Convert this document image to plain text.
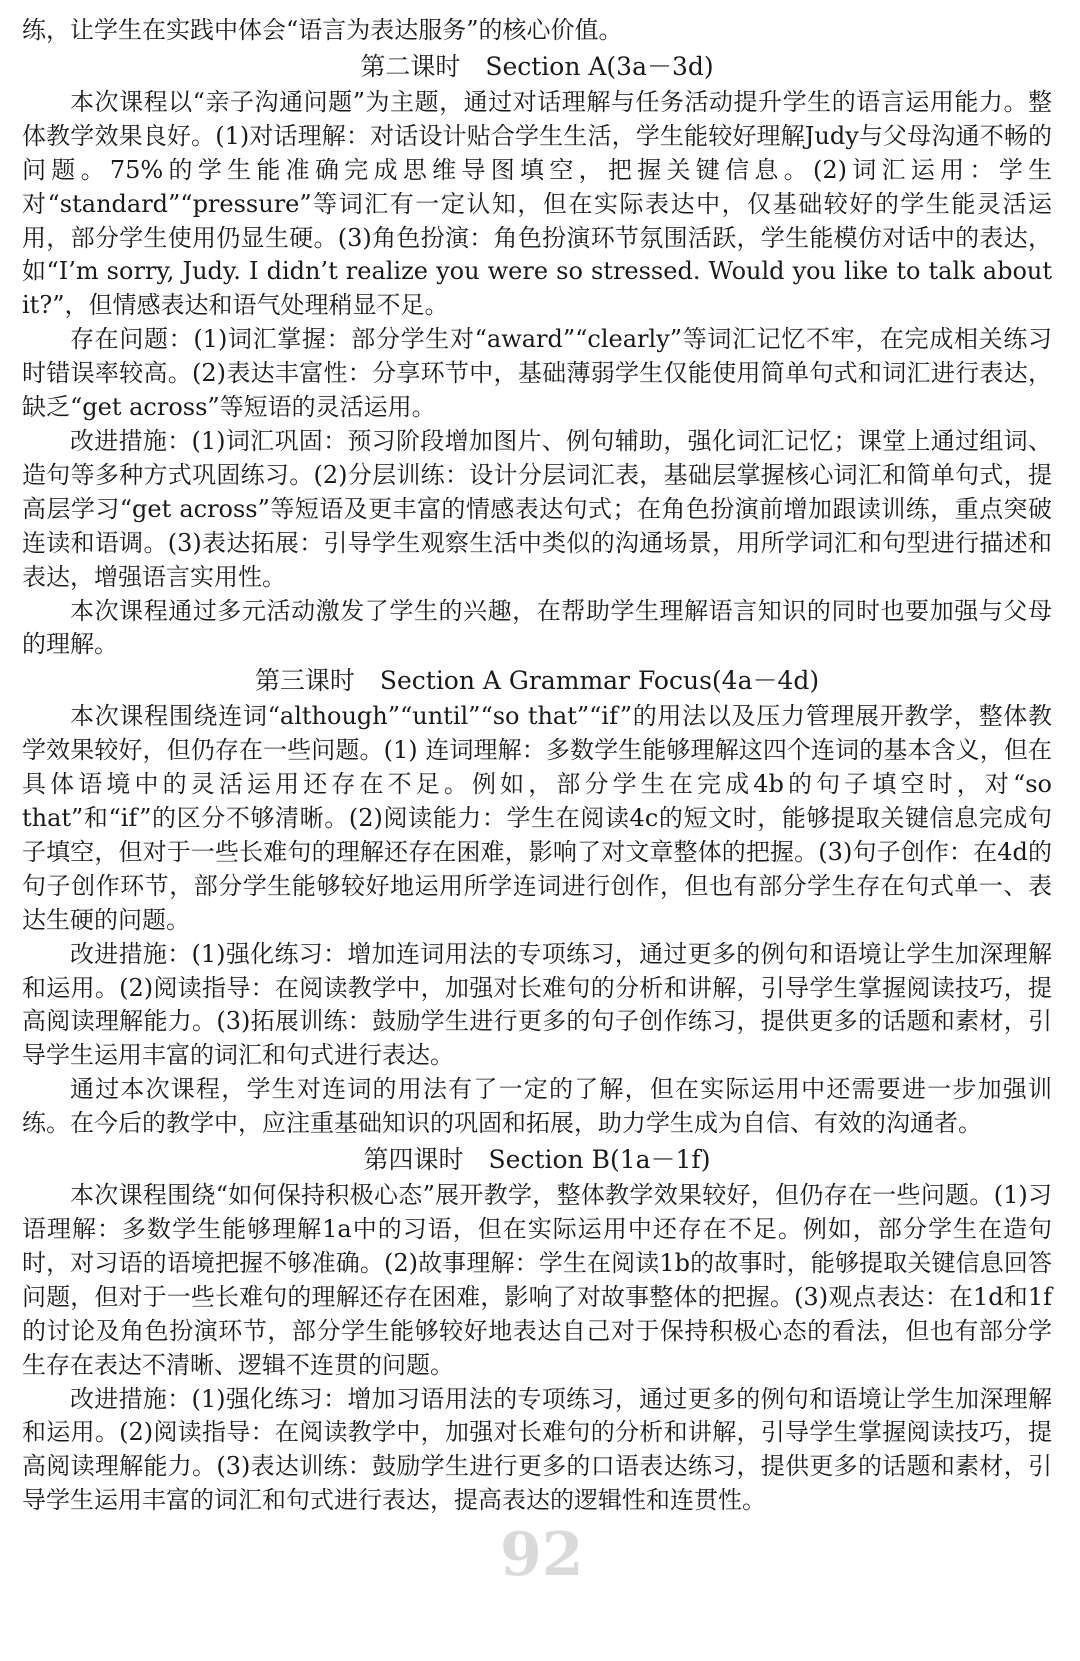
练，让学生在实践中体会“语言为表达服务”的核心价值。

第二课时　Section A(3a－3d)

本次课程以“亲子沟通问题”为主题，通过对话理解与任务活动提升学生的语言运用能力。整体教学效果良好。(1)对话理解：对话设计贴合学生生活，学生能较好理解Judy与父母沟通不畅的问题。75%的学生能准确完成思维导图填空，把握关键信息。(2)词汇运用：学生对“standard”“pressure”等词汇有一定认知，但在实际表达中，仅基础较好的学生能灵活运用，部分学生使用仍显生硬。(3)角色扮演：角色扮演环节氛围活跃，学生能模仿对话中的表达，如“I’m sorry, Judy. I didn’t realize you were so stressed. Would you like to talk about it?”，但情感表达和语气处理稍显不足。

存在问题：(1)词汇掌握：部分学生对“award”“clearly”等词汇记忆不牢，在完成相关练习时错误率较高。(2)表达丰富性：分享环节中，基础薄弱学生仅能使用简单句式和词汇进行表达，缺乏“get across”等短语的灵活运用。

改进措施：(1)词汇巩固：预习阶段增加图片、例句辅助，强化词汇记忆；课堂上通过组词、造句等多种方式巩固练习。(2)分层训练：设计分层词汇表，基础层掌握核心词汇和简单句式，提高层学习“get across”等短语及更丰富的情感表达句式；在角色扮演前增加跟读训练，重点突破连读和语调。(3)表达拓展：引导学生观察生活中类似的沟通场景，用所学词汇和句型进行描述和表达，增强语言实用性。

本次课程通过多元活动激发了学生的兴趣，在帮助学生理解语言知识的同时也要加强与父母的理解。

第三课时　Section A Grammar Focus(4a－4d)

本次课程围绕连词“although”“until”“so that”“if”的用法以及压力管理展开教学，整体教学效果较好，但仍存在一些问题。(1) 连词理解：多数学生能够理解这四个连词的基本含义，但在具体语境中的灵活运用还存在不足。例如，部分学生在完成4b的句子填空时，对“so that”和“if”的区分不够清晰。(2)阅读能力：学生在阅读4c的短文时，能够提取关键信息完成句子填空，但对于一些长难句的理解还存在困难，影响了对文章整体的把握。(3)句子创作：在4d的句子创作环节，部分学生能够较好地运用所学连词进行创作，但也有部分学生存在句式单一、表达生硬的问题。

改进措施：(1)强化练习：增加连词用法的专项练习，通过更多的例句和语境让学生加深理解和运用。(2)阅读指导：在阅读教学中，加强对长难句的分析和讲解，引导学生掌握阅读技巧，提高阅读理解能力。(3)拓展训练：鼓励学生进行更多的句子创作练习，提供更多的话题和素材，引导学生运用丰富的词汇和句式进行表达。

通过本次课程，学生对连词的用法有了一定的了解，但在实际运用中还需要进一步加强训练。在今后的教学中，应注重基础知识的巩固和拓展，助力学生成为自信、有效的沟通者。

第四课时　Section B(1a－1f)

本次课程围绕“如何保持积极心态”展开教学，整体教学效果较好，但仍存在一些问题。(1)习语理解：多数学生能够理解1a中的习语，但在实际运用中还存在不足。例如，部分学生在造句时，对习语的语境把握不够准确。(2)故事理解：学生在阅读1b的故事时，能够提取关键信息回答问题，但对于一些长难句的理解还存在困难，影响了对故事整体的把握。(3)观点表达：在1d和1f的讨论及角色扮演环节，部分学生能够较好地表达自己对于保持积极心态的看法，但也有部分学生存在表达不清晰、逻辑不连贯的问题。

改进措施：(1)强化练习：增加习语用法的专项练习，通过更多的例句和语境让学生加深理解和运用。(2)阅读指导：在阅读教学中，加强对长难句的分析和讲解，引导学生掌握阅读技巧，提高阅读理解能力。(3)表达训练：鼓励学生进行更多的口语表达练习，提供更多的话题和素材，引导学生运用丰富的词汇和句式进行表达，提高表达的逻辑性和连贯性。

92
